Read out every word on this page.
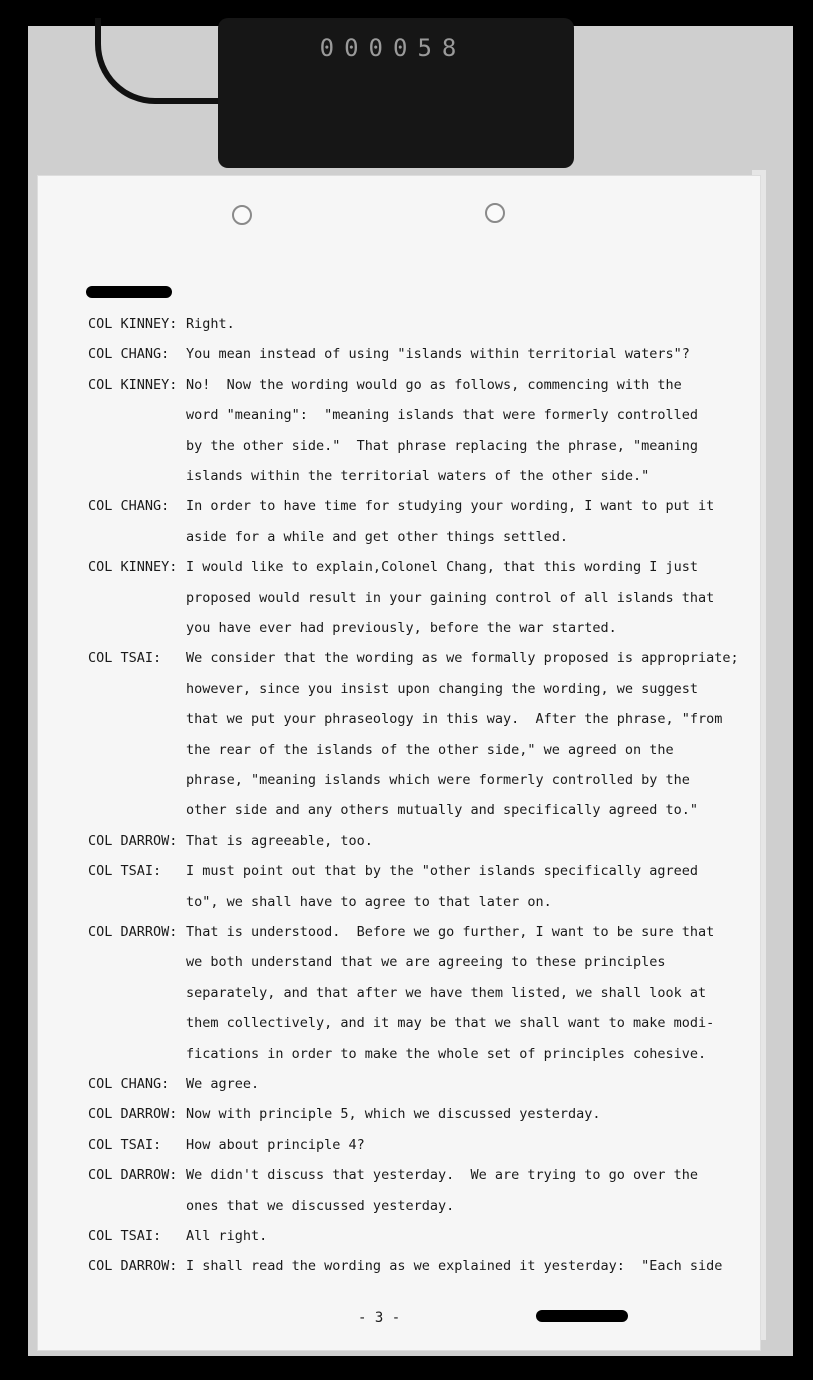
000058
COL KINNEY: Right.
COL CHANG: You mean instead of using "islands within territorial waters"?
COL KINNEY: No!  Now the wording would go as follows, commencing with the
word "meaning":  "meaning islands that were formerly controlled
by the other side."  That phrase replacing the phrase, "meaning
islands within the territorial waters of the other side."
COL CHANG: In order to have time for studying your wording, I want to put it
aside for a while and get other things settled.
COL KINNEY: I would like to explain,Colonel Chang, that this wording I just
proposed would result in your gaining control of all islands that
you have ever had previously, before the war started.
COL TSAI: We consider that the wording as we formally proposed is appropriate;
however, since you insist upon changing the wording, we suggest
that we put your phraseology in this way.  After the phrase, "from
the rear of the islands of the other side," we agreed on the
phrase, "meaning islands which were formerly controlled by the
other side and any others mutually and specifically agreed to."
COL DARROW: That is agreeable, too.
COL TSAI: I must point out that by the "other islands specifically agreed
to", we shall have to agree to that later on.
COL DARROW: That is understood.  Before we go further, I want to be sure that
we both understand that we are agreeing to these principles
separately, and that after we have them listed, we shall look at
them collectively, and it may be that we shall want to make modi-
fications in order to make the whole set of principles cohesive.
COL CHANG: We agree.
COL DARROW: Now with principle 5, which we discussed yesterday.
COL TSAI: How about principle 4?
COL DARROW: We didn't discuss that yesterday.  We are trying to go over the
ones that we discussed yesterday.
COL TSAI: All right.
COL DARROW: I shall read the wording as we explained it yesterday:  "Each side
- 3 -
